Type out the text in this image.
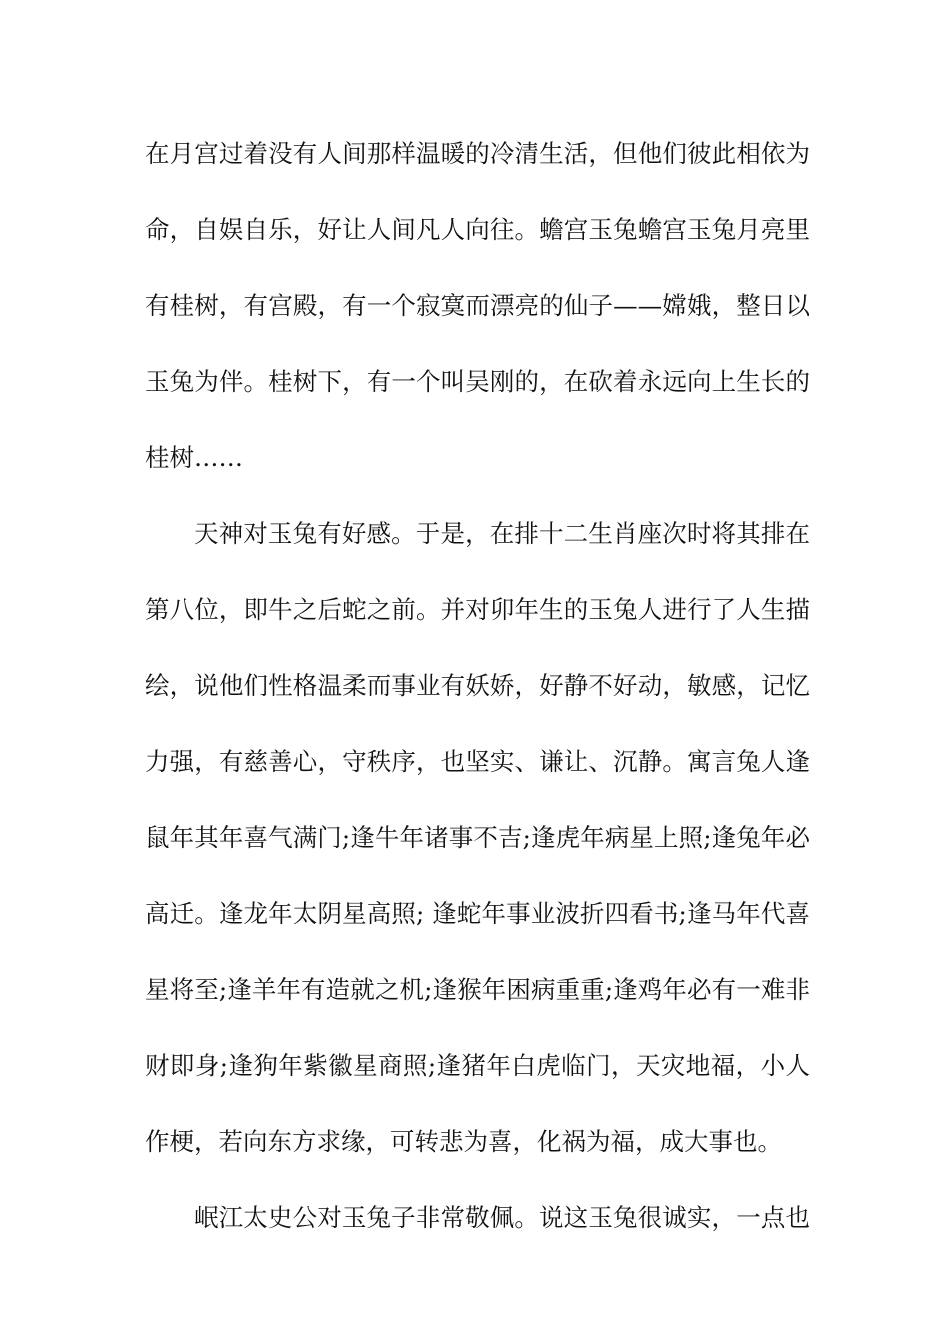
在月宫过着没有人间那样温暖的冷清生活，但他们彼此相依为
命，自娱自乐，好让人间凡人向往。蟾宫玉兔蟾宫玉兔月亮里
有桂树，有宫殿，有一个寂寞而漂亮的仙子——嫦娥，整日以
玉兔为伴。桂树下，有一个叫吴刚的，在砍着永远向上生长的
桂树……
天神对玉兔有好感。于是，在排十二生肖座次时将其排在
第八位，即牛之后蛇之前。并对卯年生的玉兔人进行了人生描
绘，说他们性格温柔而事业有妖娇，好静不好动，敏感，记忆
力强，有慈善心，守秩序，也坚实、谦让、沉静。寓言兔人逢
鼠年其年喜气满门;逢牛年诸事不吉;逢虎年病星上照;逢兔年必
高迁。逢龙年太阴星高照; 逢蛇年事业波折四看书;逢马年代喜
星将至;逢羊年有造就之机;逢猴年困病重重;逢鸡年必有一难非
财即身;逢狗年紫徽星商照;逢猪年白虎临门，天灾地福，小人
作梗，若向东方求缘，可转悲为喜，化祸为福，成大事也。
岷江太史公对玉兔子非常敬佩。说这玉兔很诚实，一点也
